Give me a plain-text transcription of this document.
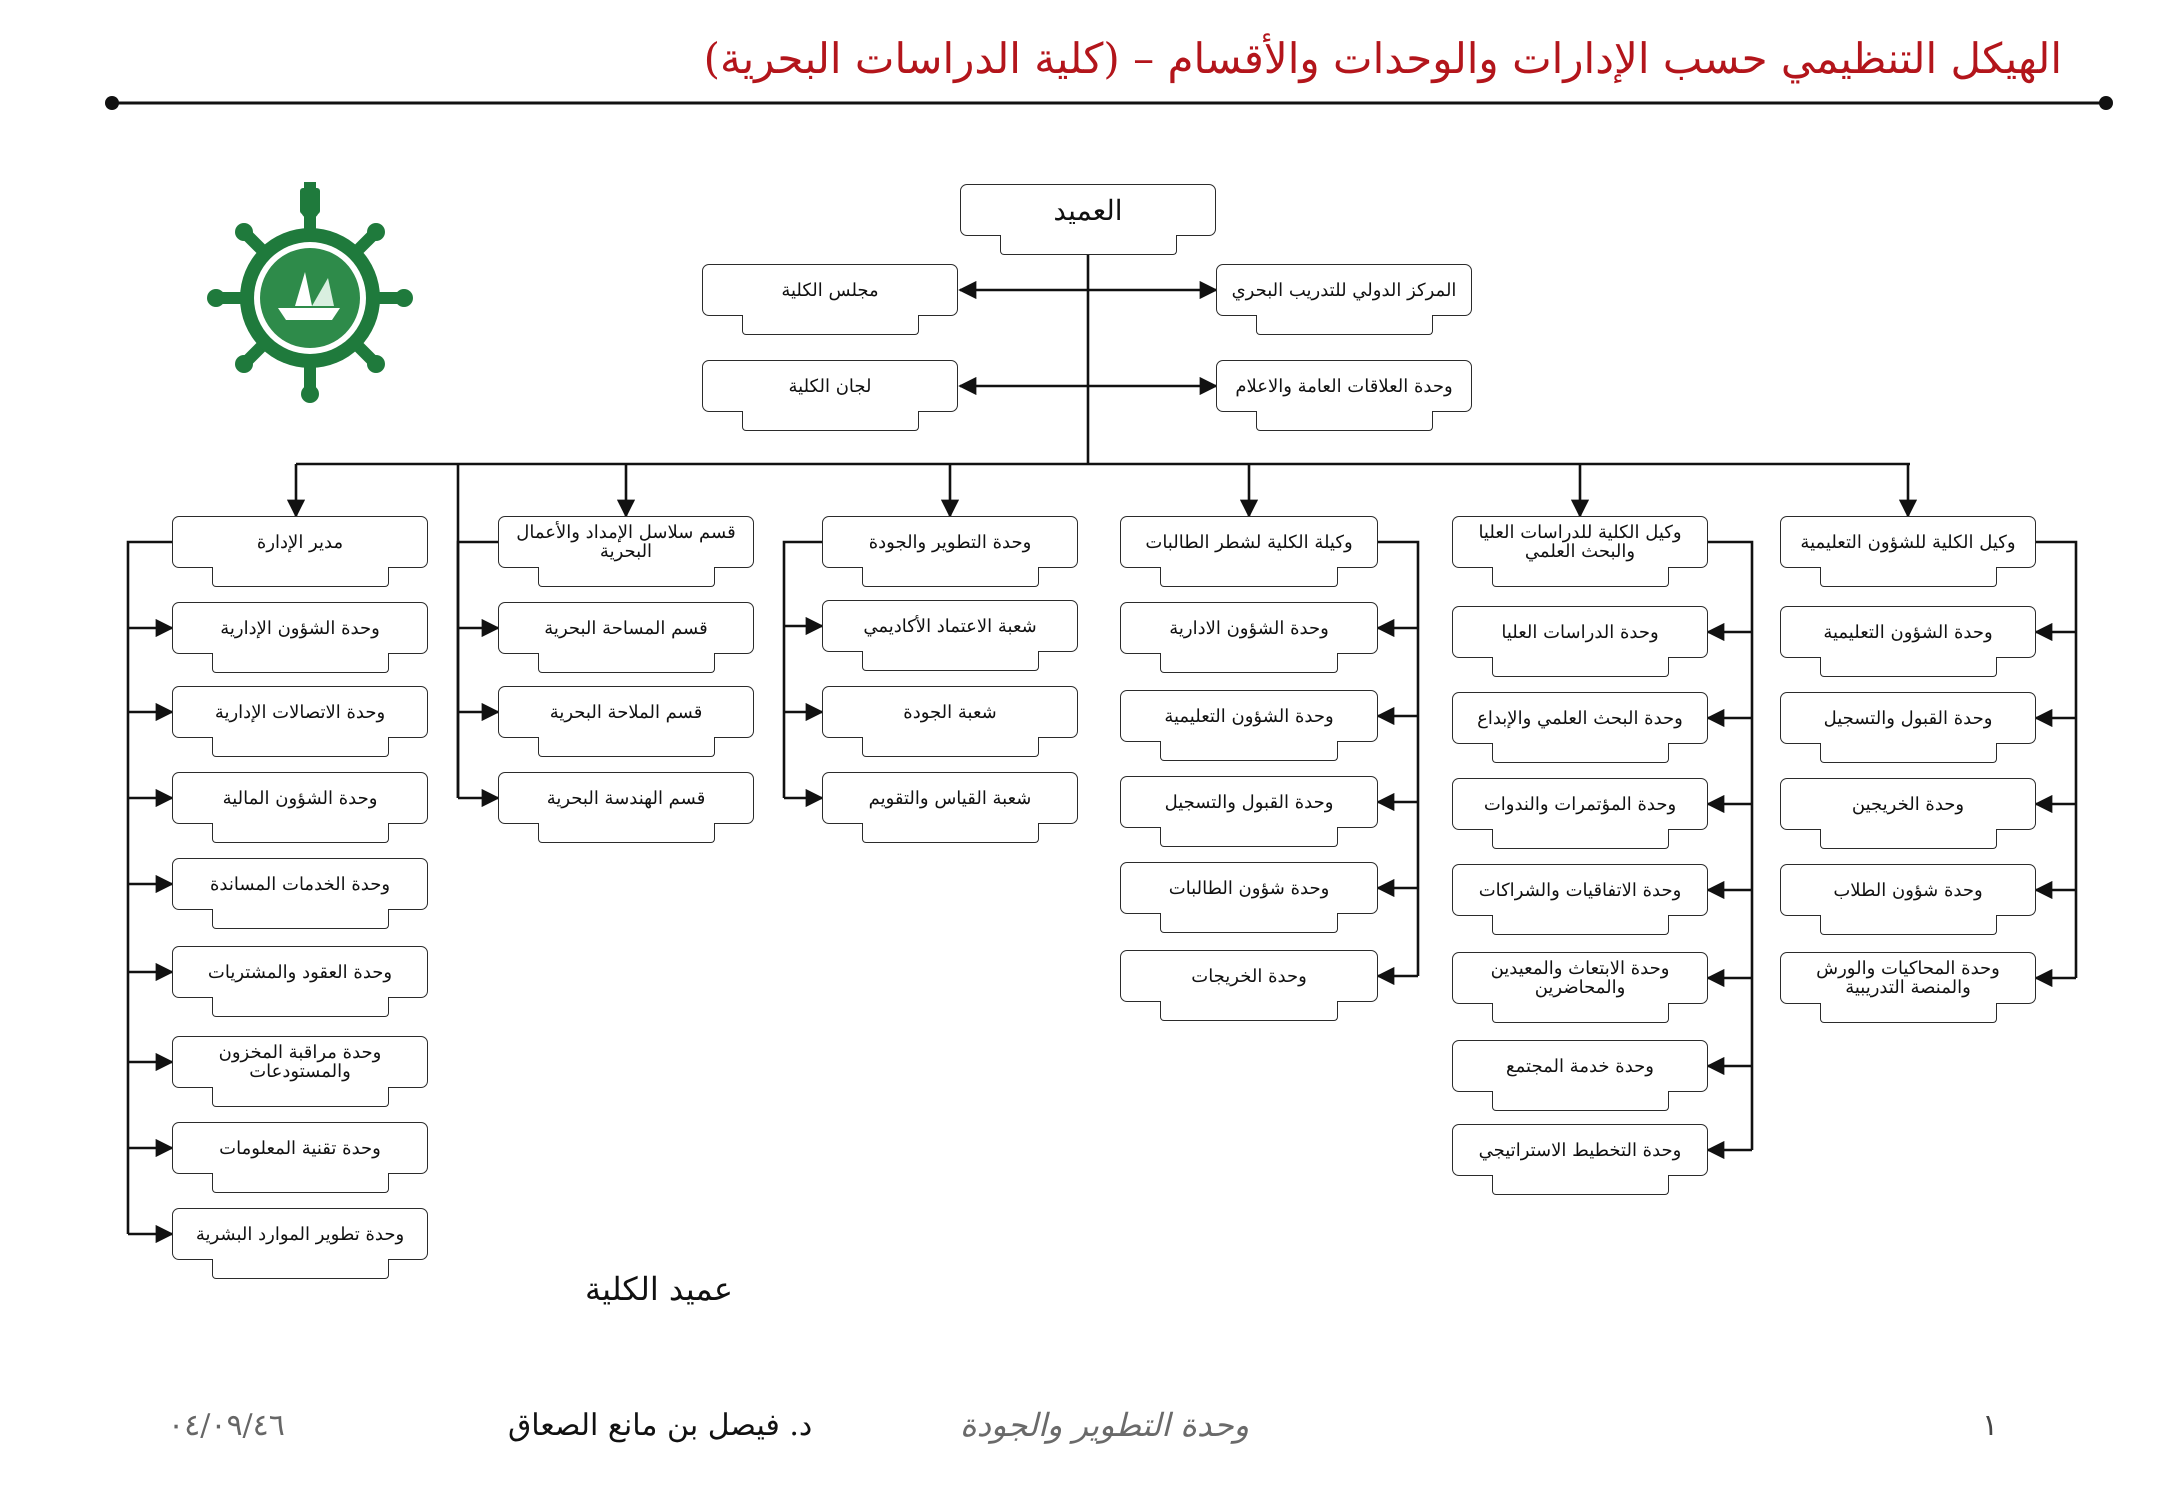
الهيكل التنظيمي حسب الإدارات والوحدات والأقسام – (كلية الدراسات البحرية)
العميد
مجلس الكلية
لجان الكلية
المركز الدولي للتدريب البحري
وحدة العلاقات العامة والاعلام
وكيل الكلية للشؤون التعليمية
وحدة الشؤون التعليمية
وحدة القبول والتسجيل
وحدة الخريجين
وحدة شؤون الطلاب
وحدة المحاكيات والورش والمنصة التدريبية
وكيل الكلية للدراسات العليا والبحث العلمي
وحدة الدراسات العليا
وحدة البحث العلمي والإبداع
وحدة المؤتمرات والندوات
وحدة الاتفاقيات والشراكات
وحدة الابتعاث والمعيدين والمحاضرين
وحدة خدمة المجتمع
وحدة التخطيط الاستراتيجي
وكيلة الكلية لشطر الطالبات
وحدة الشؤون الادارية
وحدة الشؤون التعليمية
وحدة القبول والتسجيل
وحدة شؤون الطالبات
وحدة الخريجات
وحدة التطوير والجودة
شعبة الاعتماد الأكاديمي
شعبة الجودة
شعبة القياس والتقويم
قسم سلاسل الإمداد والأعمال البحرية
قسم المساحة البحرية
قسم الملاحة البحرية
قسم الهندسة البحرية
مدير الإدارة
وحدة الشؤون الإدارية
وحدة الاتصالات الإدارية
وحدة الشؤون المالية
وحدة الخدمات المساندة
وحدة العقود والمشتريات
وحدة مراقبة المخزون والمستودعات
وحدة تقنية المعلومات
وحدة تطوير الموارد البشرية
عميد الكلية
د. فيصل بن مانع الصعاق	وحدة التطوير والجودة
٠٤/٠٩/٤٦	١
